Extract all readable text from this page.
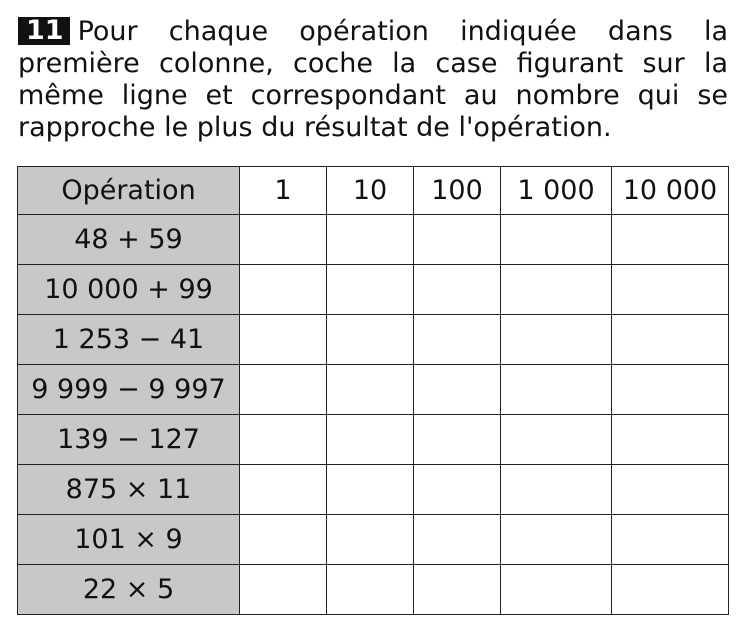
11 Pour chaque opération indiquée dans la première colonne, coche la case figurant sur la même ligne et correspondant au nombre qui se rapproche le plus du résultat de l'opération.

Opération	1	10	100	1 000	10 000
48 + 59					
10 000 + 99					
1 253 − 41					
9 999 − 9 997					
139 − 127					
875 × 11					
101 × 9					
22 × 5					
